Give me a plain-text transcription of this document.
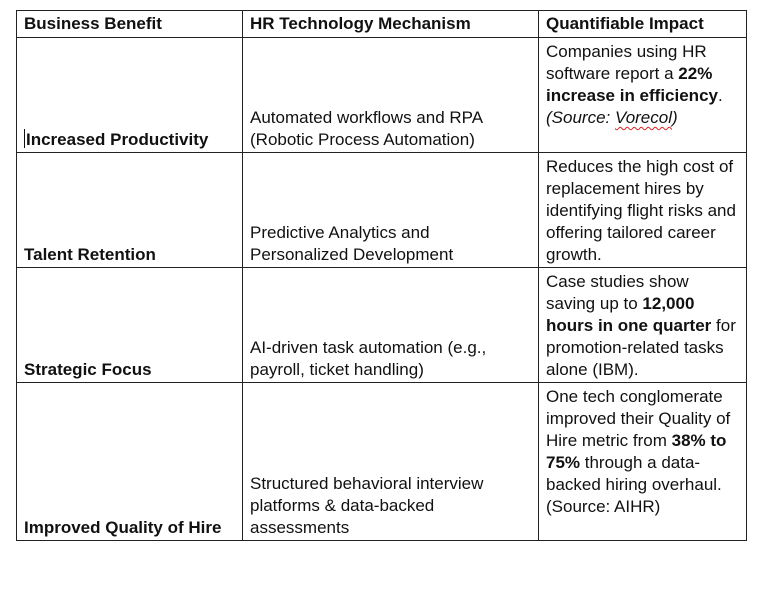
Business Benefit	HR Technology Mechanism	Quantifiable Impact
Increased Productivity	Automated workflows and RPA (Robotic Process Automation)	Companies using HR software report a 22% increase in efficiency. (Source: Vorecol)
Talent Retention	Predictive Analytics and Personalized Development	Reduces the high cost of replacement hires by identifying flight risks and offering tailored career growth.
Strategic Focus	AI-driven task automation (e.g., payroll, ticket handling)	Case studies show saving up to 12,000 hours in one quarter for promotion-related tasks alone (IBM).
Improved Quality of Hire	Structured behavioral interview platforms & data-backed assessments	One tech conglomerate improved their Quality of Hire metric from 38% to 75% through a data-backed hiring overhaul. (Source: AIHR)
